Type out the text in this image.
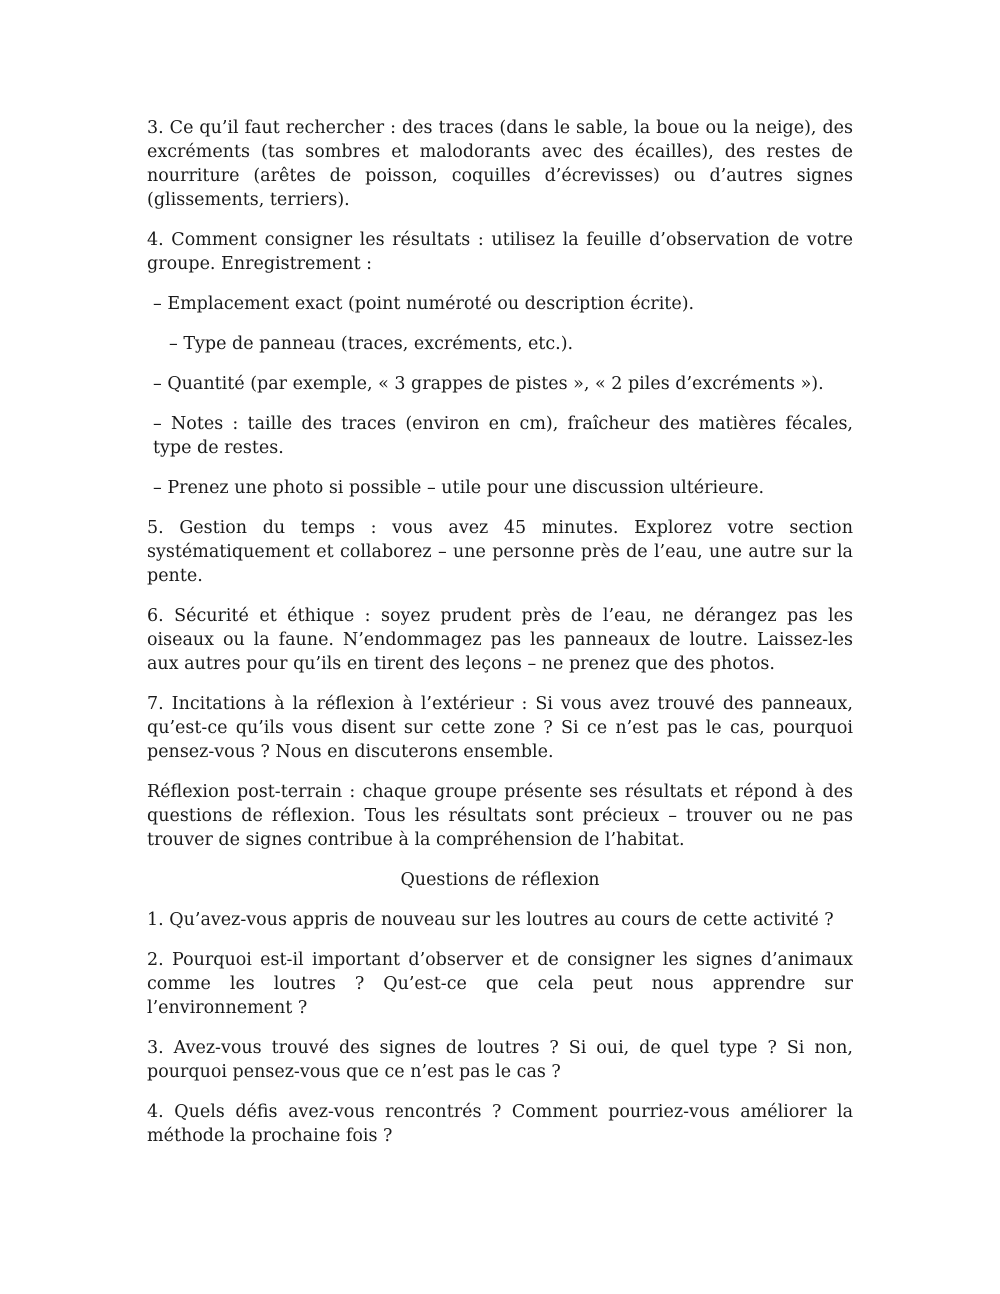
3. Ce qu’il faut rechercher : des traces (dans le sable, la boue ou la neige), des excréments (tas sombres et malodorants avec des écailles), des restes de nourriture (arêtes de poisson, coquilles d’écrevisses) ou d’autres signes (glissements, terriers).

4. Comment consigner les résultats : utilisez la feuille d’observation de votre groupe. Enregistrement :

– Emplacement exact (point numéroté ou description écrite).

– Type de panneau (traces, excréments, etc.).

– Quantité (par exemple, « 3 grappes de pistes », « 2 piles d’excréments »).

– Notes : taille des traces (environ en cm), fraîcheur des matières fécales, type de restes.

– Prenez une photo si possible – utile pour une discussion ultérieure.

5. Gestion du temps : vous avez 45 minutes. Explorez votre section systématiquement et collaborez – une personne près de l’eau, une autre sur la pente.

6. Sécurité et éthique : soyez prudent près de l’eau, ne dérangez pas les oiseaux ou la faune. N’endommagez pas les panneaux de loutre. Laissez-les aux autres pour qu’ils en tirent des leçons – ne prenez que des photos.

7. Incitations à la réflexion à l’extérieur : Si vous avez trouvé des panneaux, qu’est-ce qu’ils vous disent sur cette zone ? Si ce n’est pas le cas, pourquoi pensez-vous ? Nous en discuterons ensemble.

Réflexion post-terrain : chaque groupe présente ses résultats et répond à des questions de réflexion. Tous les résultats sont précieux – trouver ou ne pas trouver de signes contribue à la compréhension de l’habitat.

Questions de réflexion

1. Qu’avez-vous appris de nouveau sur les loutres au cours de cette activité ?

2. Pourquoi est-il important d’observer et de consigner les signes d’animaux comme les loutres ? Qu’est-ce que cela peut nous apprendre sur l’environnement ?

3. Avez-vous trouvé des signes de loutres ? Si oui, de quel type ? Si non, pourquoi pensez-vous que ce n’est pas le cas ?

4. Quels défis avez-vous rencontrés ? Comment pourriez-vous améliorer la méthode la prochaine fois ?
